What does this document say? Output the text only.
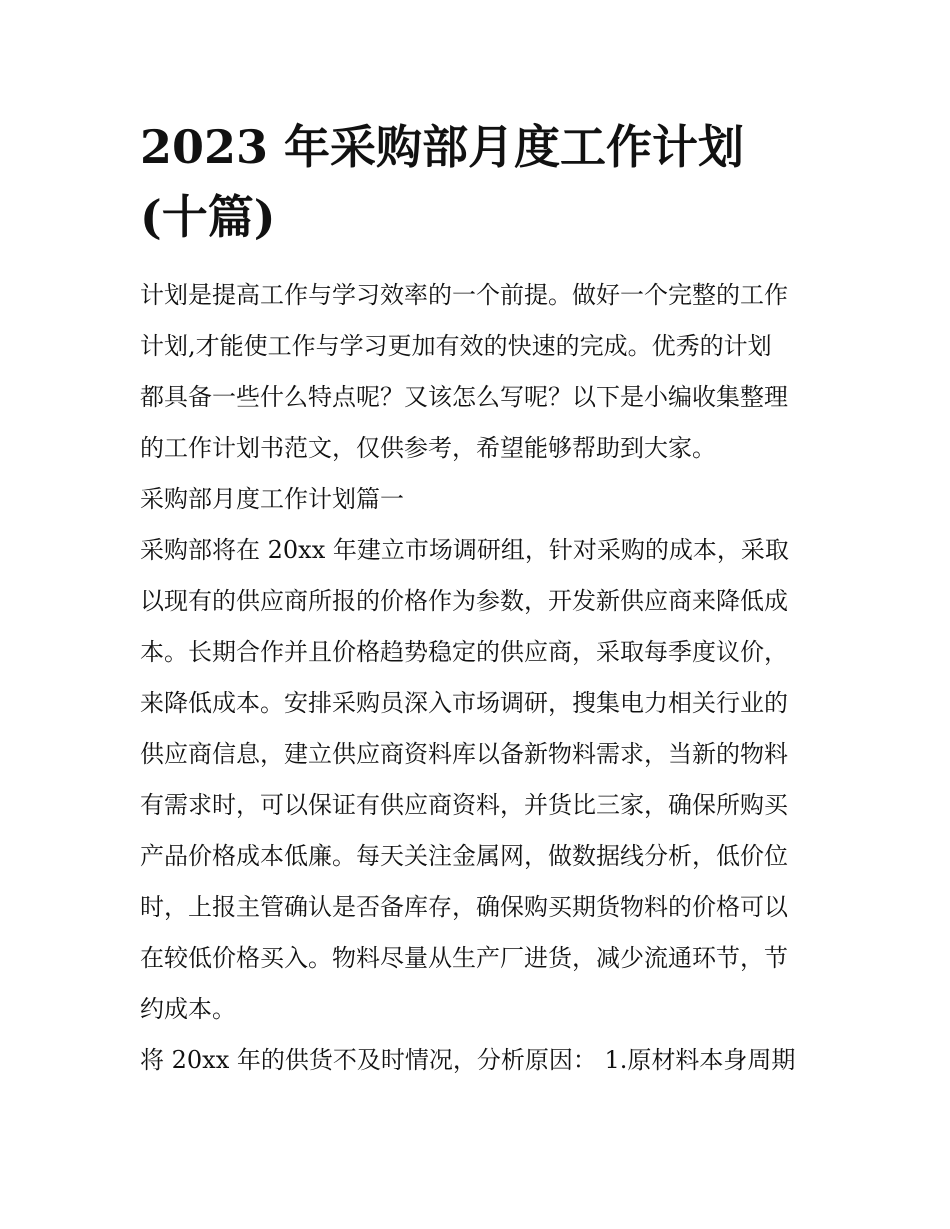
2023 年采购部月度工作计划
(十篇)

计划是提高工作与学习效率的一个前提。做好一个完整的工作
计划,才能使工作与学习更加有效的快速的完成。优秀的计划
都具备一些什么特点呢？又该怎么写呢？以下是小编收集整理
的工作计划书范文，仅供参考，希望能够帮助到大家。

采购部月度工作计划篇一

采购部将在 20xx 年建立市场调研组，针对采购的成本，采取
以现有的供应商所报的价格作为参数，开发新供应商来降低成
本。长期合作并且价格趋势稳定的供应商，采取每季度议价，
来降低成本。安排采购员深入市场调研，搜集电力相关行业的
供应商信息，建立供应商资料库以备新物料需求，当新的物料
有需求时，可以保证有供应商资料，并货比三家，确保所购买
产品价格成本低廉。每天关注金属网，做数据线分析，低价位
时，上报主管确认是否备库存，确保购买期货物料的价格可以
在较低价格买入。物料尽量从生产厂进货，减少流通环节，节
约成本。

将 20xx 年的供货不及时情况，分析原因： 1.原材料本身周期
